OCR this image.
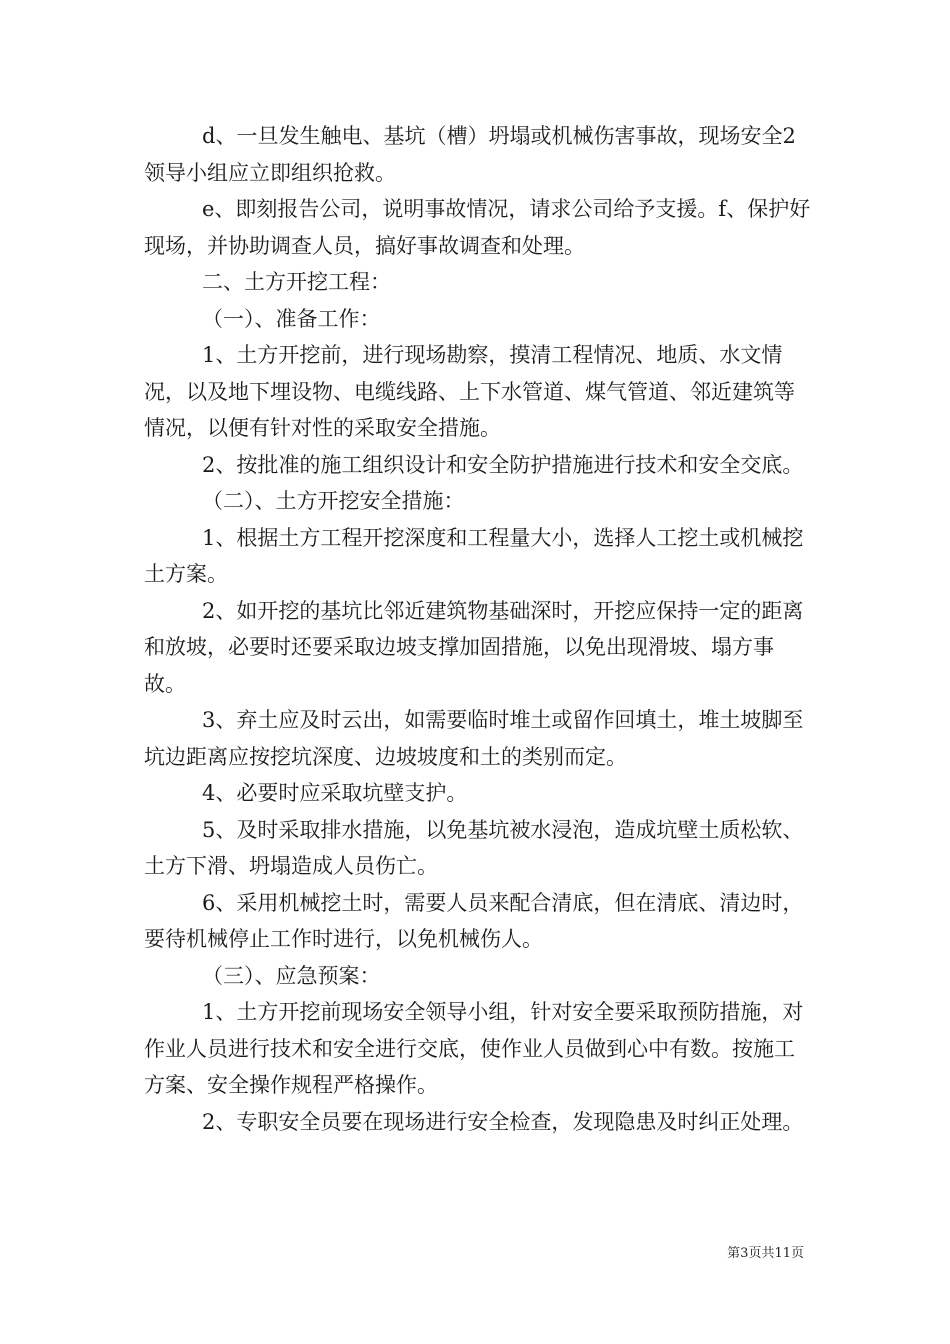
d、一旦发生触电、基坑（槽）坍塌或机械伤害事故，现场安全2领导小组应立即组织抢救。

e、即刻报告公司，说明事故情况，请求公司给予支援。f、保护好现场，并协助调查人员，搞好事故调查和处理。

二、土方开挖工程：

（一）、准备工作：

1、土方开挖前，进行现场勘察，摸清工程情况、地质、水文情况，以及地下埋设物、电缆线路、上下水管道、煤气管道、邻近建筑等情况，以便有针对性的采取安全措施。

2、按批准的施工组织设计和安全防护措施进行技术和安全交底。

（二）、土方开挖安全措施：

1、根据土方工程开挖深度和工程量大小，选择人工挖土或机械挖土方案。

2、如开挖的基坑比邻近建筑物基础深时，开挖应保持一定的距离和放坡，必要时还要采取边坡支撑加固措施，以免出现滑坡、塌方事故。

3、弃土应及时云出，如需要临时堆土或留作回填土，堆土坡脚至坑边距离应按挖坑深度、边坡坡度和土的类别而定。

4、必要时应采取坑壁支护。

5、及时采取排水措施，以免基坑被水浸泡，造成坑壁土质松软、土方下滑、坍塌造成人员伤亡。

6、采用机械挖土时，需要人员来配合清底，但在清底、清边时，要待机械停止工作时进行，以免机械伤人。

（三）、应急预案：

1、土方开挖前现场安全领导小组，针对安全要采取预防措施，对作业人员进行技术和安全进行交底，使作业人员做到心中有数。按施工方案、安全操作规程严格操作。

2、专职安全员要在现场进行安全检查，发现隐患及时纠正处理。

第3页共11页
